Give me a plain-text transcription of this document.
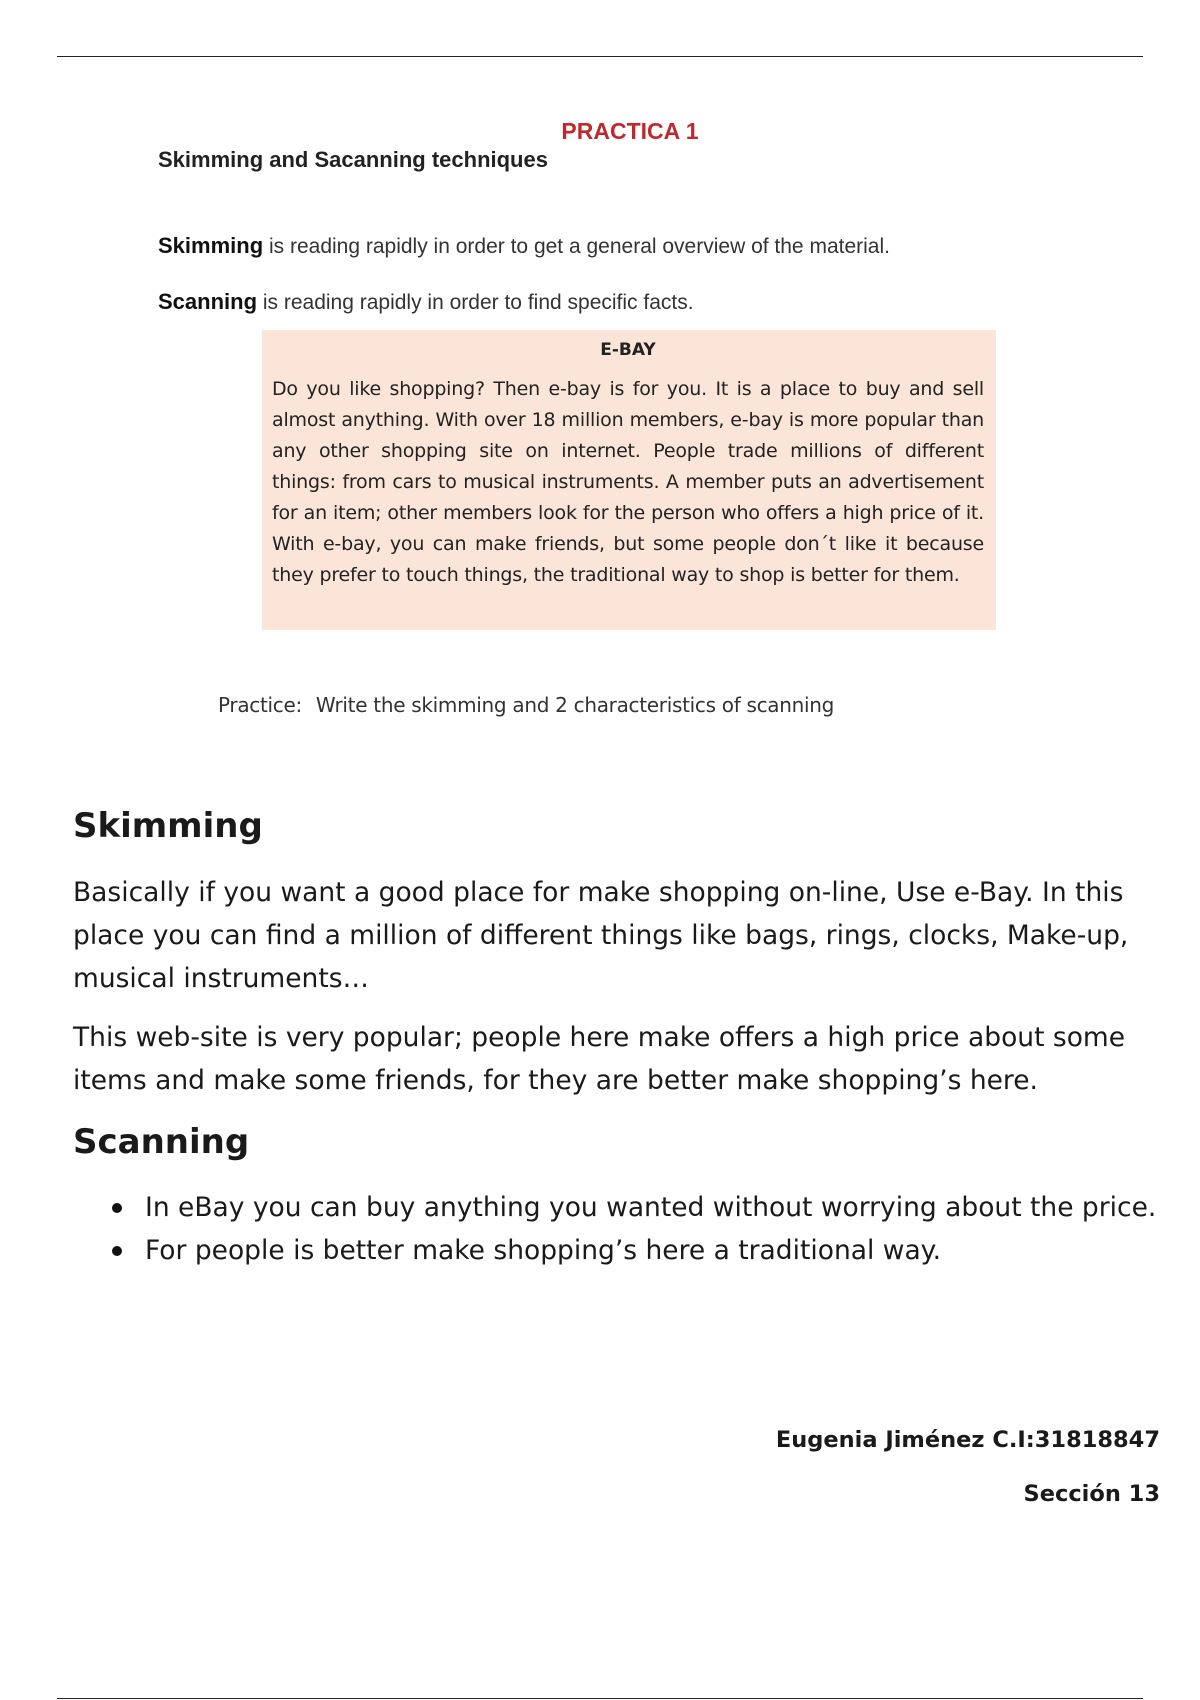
PRACTICA 1
Skimming and Sacanning techniques
Skimming is reading rapidly in order to get a general overview of the material.
Scanning is reading rapidly in order to find specific facts.

E-BAY

Do you like shopping? Then e-bay is for you. It is a place to buy and sell almost anything. With over 18 million members, e-bay is more popular than any other shopping site on internet. People trade millions of different things: from cars to musical instruments. A member puts an advertisement for an item; other members look for the person who offers a high price of it. With e-bay, you can make friends, but some people don´t like it because they prefer to touch things, the traditional way to shop is better for them.

Practice: Write the skimming and 2 characteristics of scanning
Skimming

Basically if you want a good place for make shopping on-line, Use e-Bay. In this place you can find a million of different things like bags, rings, clocks, Make-up, musical instruments…

This web-site is very popular; people here make offers a high price about some items and make some friends, for they are better make shopping’s here.

Scanning
In eBay you can buy anything you wanted without worrying about the price.
For people is better make shopping’s here a traditional way.
Eugenia Jiménez C.I:31818847
Sección 13
